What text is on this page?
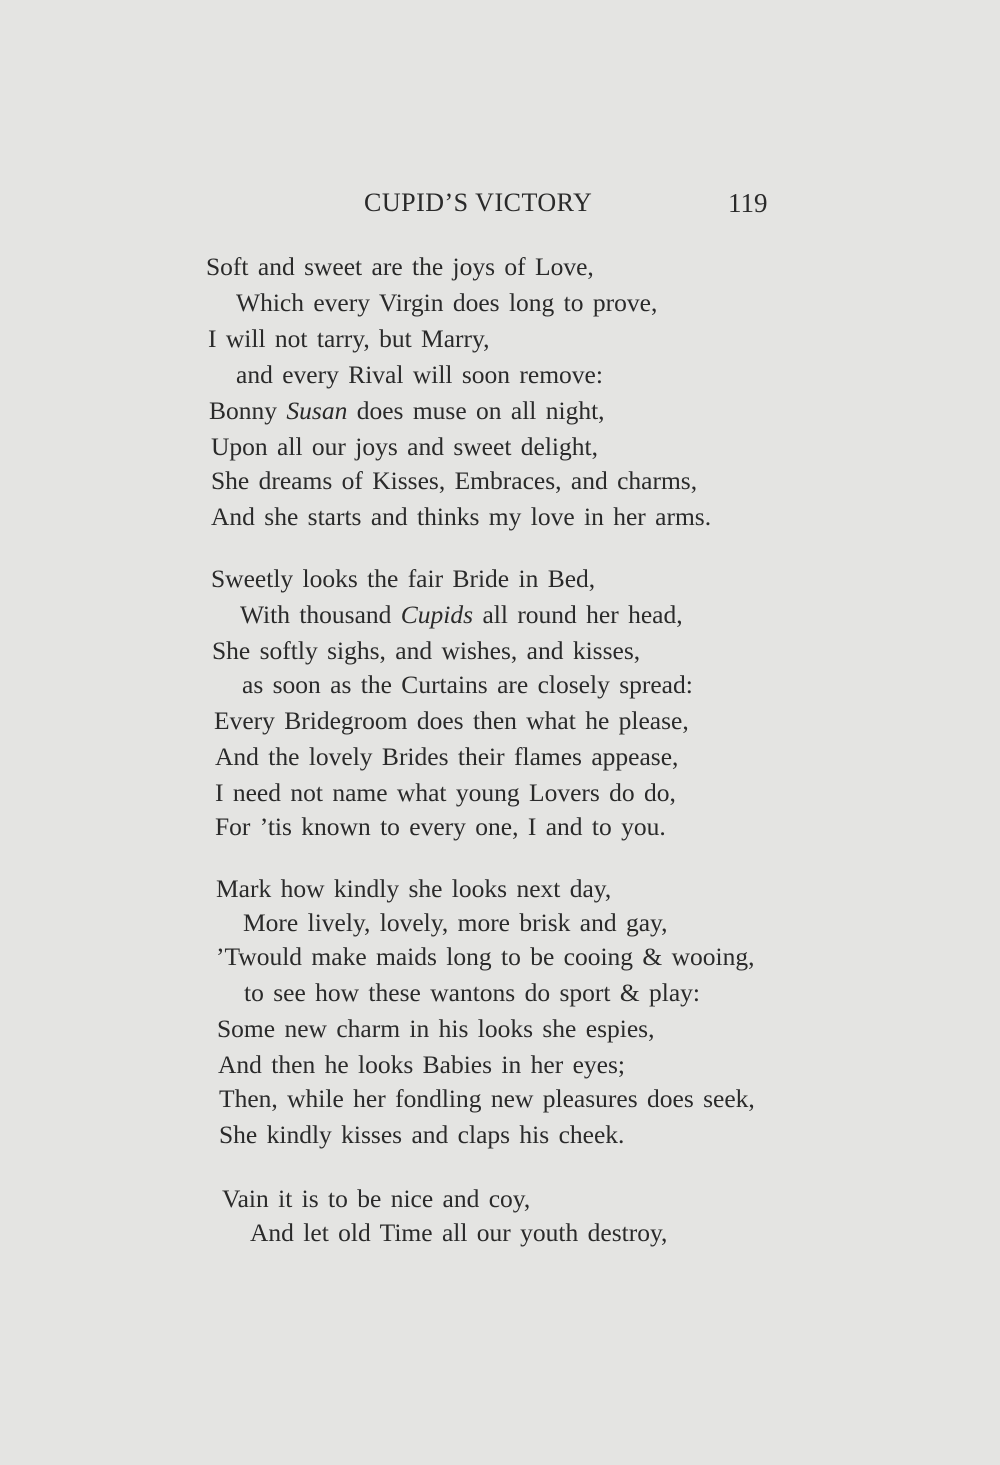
CUPID’S VICTORY	119
Soft and sweet are the joys of Love,
Which every Virgin does long to prove,
I will not tarry, but Marry,
and every Rival will soon remove:
Bonny Susan does muse on all night,
Upon all our joys and sweet delight,
She dreams of Kisses, Embraces, and charms,
And she starts and thinks my love in her arms.
Sweetly looks the fair Bride in Bed,
With thousand Cupids all round her head,
She softly sighs, and wishes, and kisses,
as soon as the Curtains are closely spread:
Every Bridegroom does then what he please,
And the lovely Brides their flames appease,
I need not name what young Lovers do do,
For ’tis known to every one, I and to you.
Mark how kindly she looks next day,
More lively, lovely, more brisk and gay,
’Twould make maids long to be cooing & wooing,
to see how these wantons do sport & play:
Some new charm in his looks she espies,
And then he looks Babies in her eyes;
Then, while her fondling new pleasures does seek,
She kindly kisses and claps his cheek.
Vain it is to be nice and coy,
And let old Time all our youth destroy,
